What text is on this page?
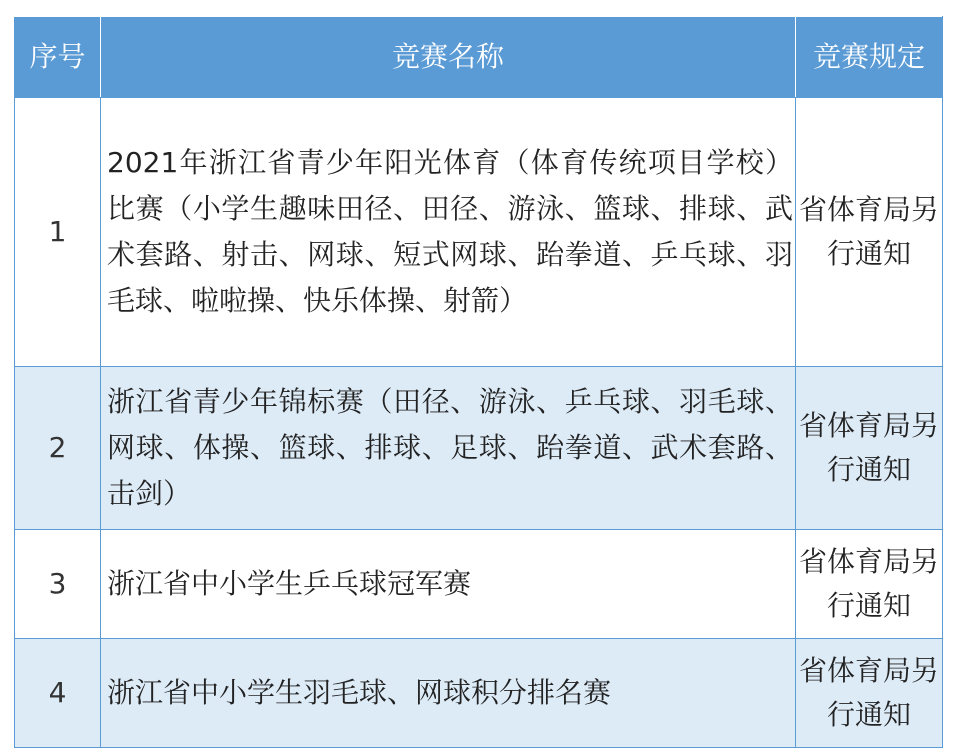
序号	竞赛名称	竞赛规定
1	2021年浙江省青少年阳光体育（体育传统项目学校）比赛（小学生趣味田径、田径、游泳、篮球、排球、武术套路、射击、网球、短式网球、跆拳道、乒乓球、羽毛球、啦啦操、快乐体操、射箭）	省体育局另行通知
2	浙江省青少年锦标赛（田径、游泳、乒乓球、羽毛球、网球、体操、篮球、排球、足球、跆拳道、武术套路、击剑）	省体育局另行通知
3	浙江省中小学生乒乓球冠军赛	省体育局另行通知
4	浙江省中小学生羽毛球、网球积分排名赛	省体育局另行通知
